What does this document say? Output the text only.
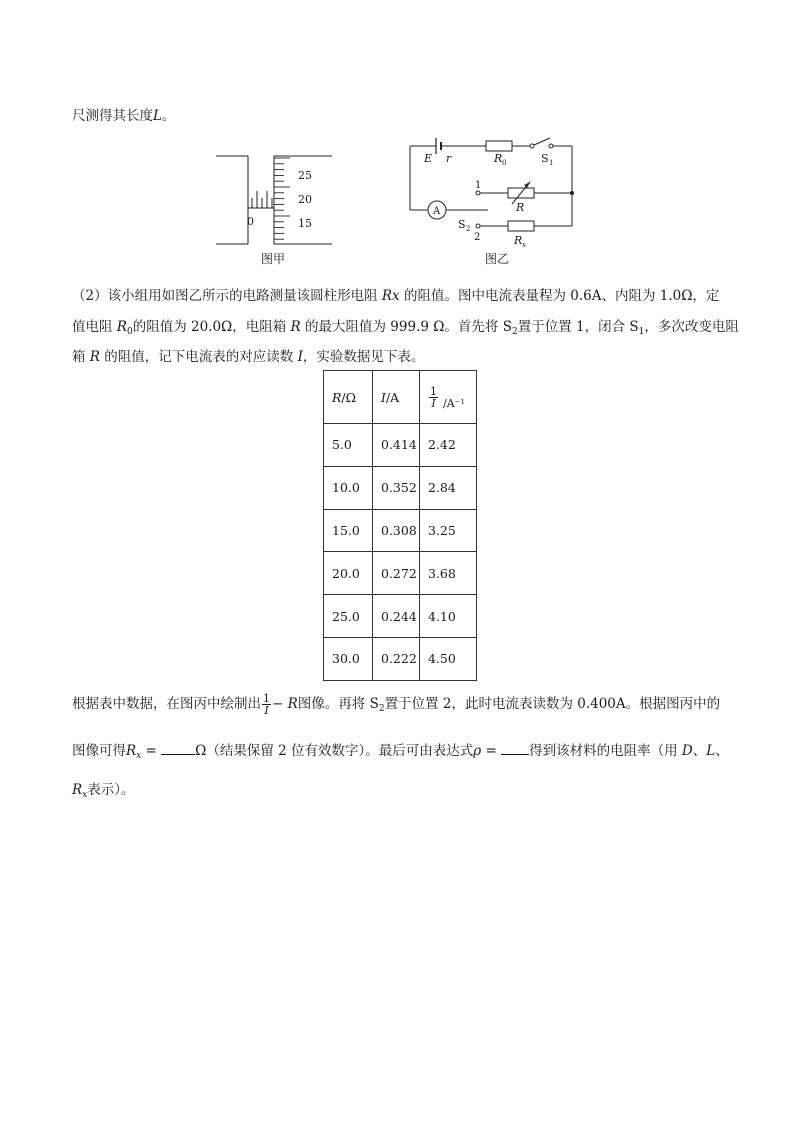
尺测得其长度L。
0
25
20
15
图甲
A
E r	R 0	S 1
1
R
S 2
2	R x
图乙
（2）该小组用如图乙所示的电路测量该圆柱形电阻 Rx 的阻值。图中电流表量程为 0.6A、内阻为 1.0Ω，定
值电阻 $R_0$的阻值为 20.0Ω，电阻箱 R 的最大阻值为 999.9 Ω。首先将 $S_2$置于位置 1，闭合 $S_1$，多次改变电阻
箱 R 的阻值，记下电流表的对应读数 I，实验数据见下表。
R/Ω	I/A	$\frac{1}{I} /A^{-1}$
5.0	0.414	2.42
10.0	0.352	2.84
15.0	0.308	3.25
20.0	0.272	3.68
25.0	0.244	4.10
30.0	0.222	4.50
根据表中数据，在图丙中绘制出 $\frac{1}{I} - R$图像。再将 $S_2$置于位置 2，此时电流表读数为 0.400A。根据图丙中的
图像可得$R_x$ =	Ω（结果保留 2 位有效数字）。最后可由表达式ρ = 得到该材料的电阻率（用 D、L、
$R_x$表示）。
